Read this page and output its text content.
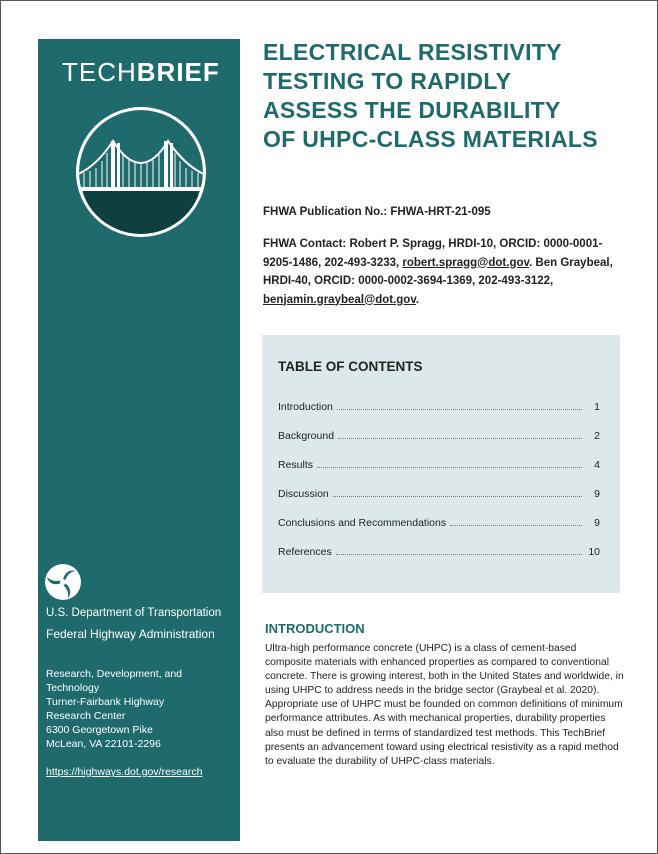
TECHBRIEF
U.S. Department of Transportation
Federal Highway Administration
Research, Development, and
Technology
Turner-Fairbank Highway
Research Center
6300 Georgetown Pike
McLean, VA 22101-2296
https://highways.dot.gov/research
ELECTRICAL RESISTIVITY
TESTING TO RAPIDLY
ASSESS THE DURABILITY
OF UHPC-CLASS MATERIALS
FHWA Publication No.: FHWA-HRT-21-095
FHWA Contact: Robert P. Spragg, HRDI-10, ORCID: 0000-0001-9205-1486, 202-493-3233, robert.spragg@dot.gov. Ben Graybeal, HRDI-40, ORCID: 0000-0002-3694-1369, 202-493-3122, benjamin.graybeal@dot.gov.
TABLE OF CONTENTS
Introduction	1
Background	2
Results	4
Discussion	9
Conclusions and Recommendations	9
References	10
INTRODUCTION

Ultra-high performance concrete (UHPC) is a class of cement-based composite materials with enhanced properties as compared to conventional concrete. There is growing interest, both in the United States and worldwide, in using UHPC to address needs in the bridge sector (Graybeal et al. 2020). Appropriate use of UHPC must be founded on common definitions of minimum performance attributes. As with mechanical properties, durability properties also must be defined in terms of standardized test methods. This TechBrief presents an advancement toward using electrical resistivity as a rapid method to evaluate the durability of UHPC-class materials.
